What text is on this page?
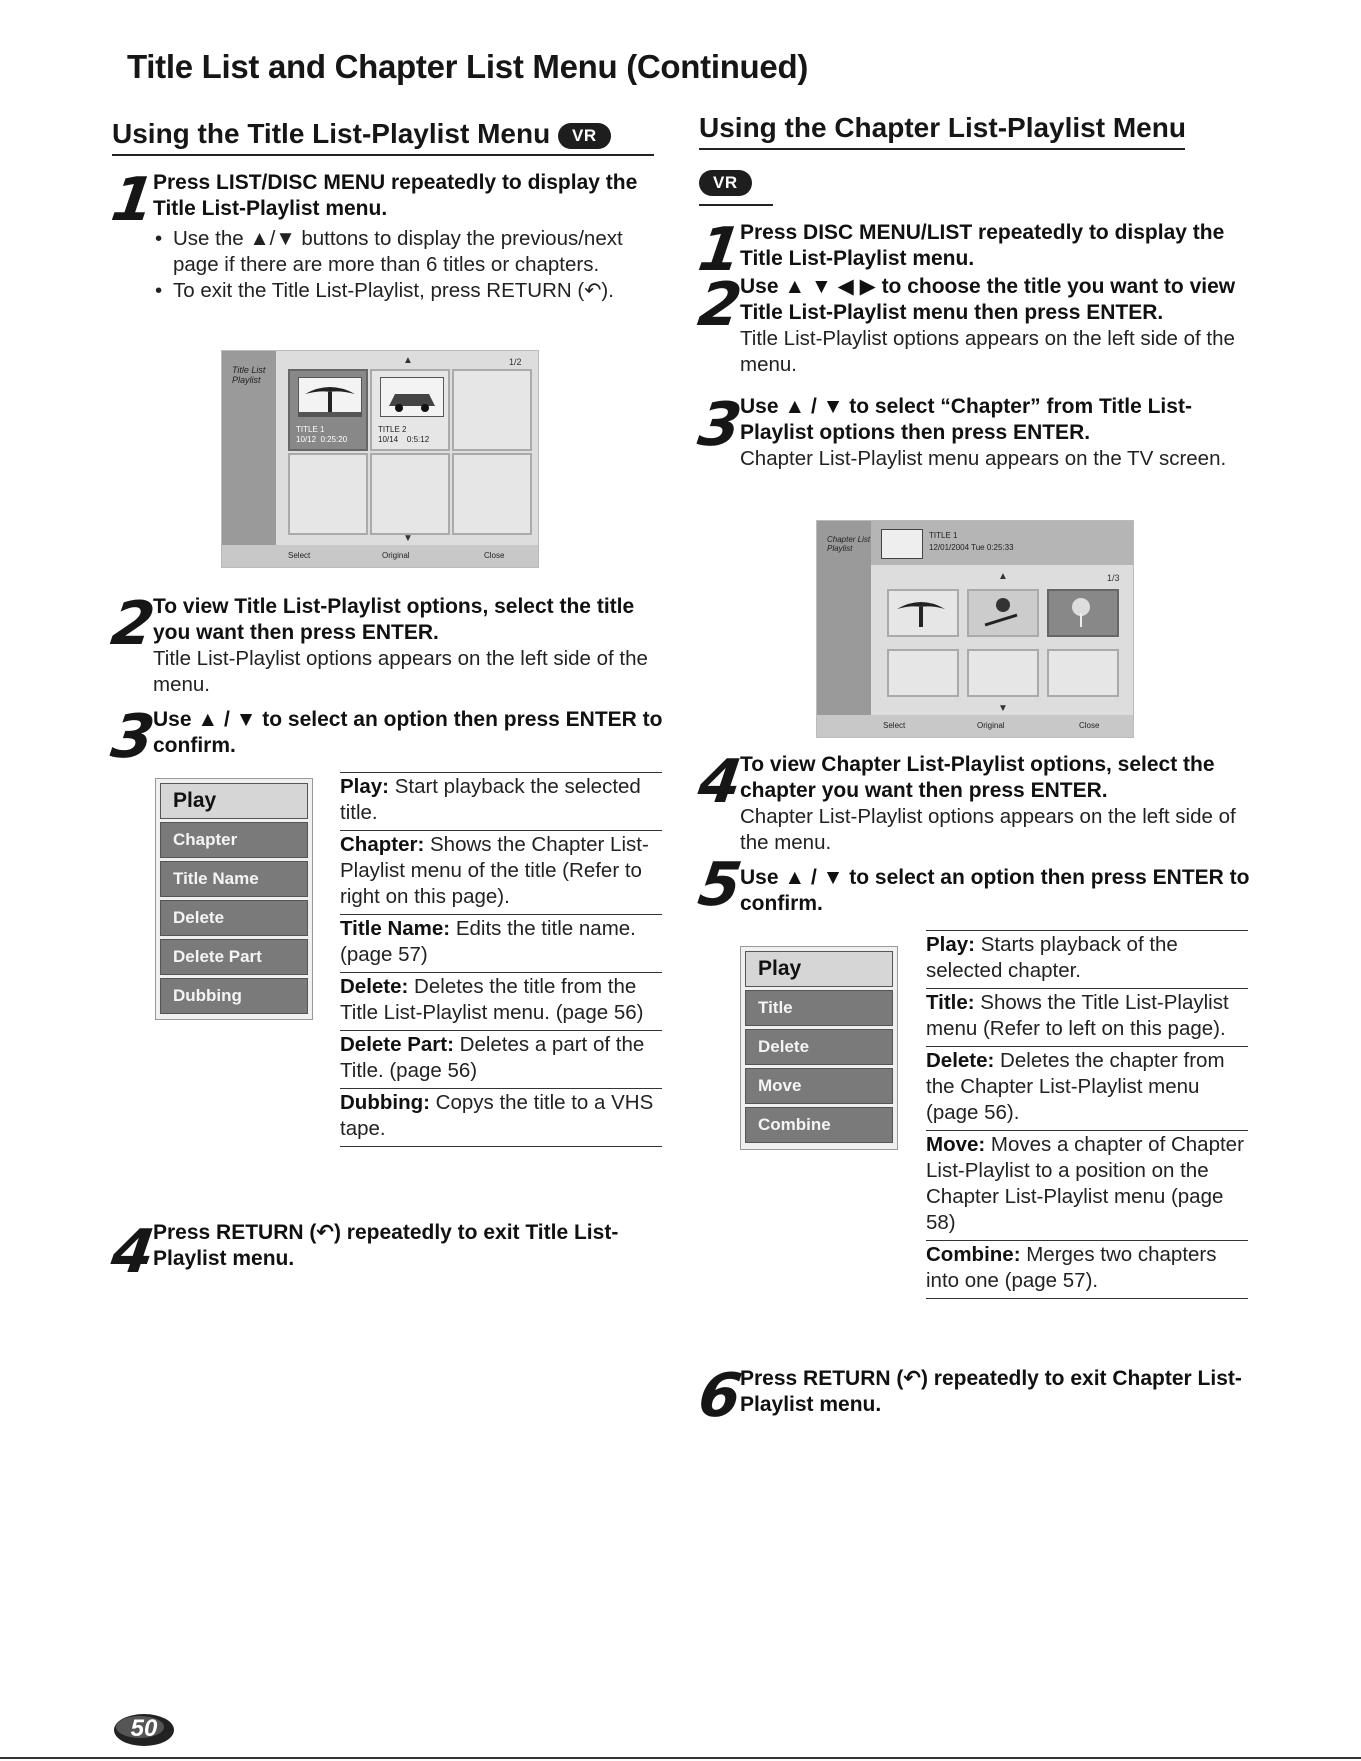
Title List and Chapter List Menu (Continued)
Using the Title List-Playlist Menu VR
1
Press LIST/DISC MENU repeatedly to display the Title List-Playlist menu.
• Use the ▲/▼ buttons to display the previous/next page if there are more than 6 titles or chapters.
• To exit the Title List-Playlist, press RETURN (↶).
Title List Playlist
▲	1/2
TITLE 1
10/12 0:25:20
TITLE 2
10/14 0:5:12
▼
Select	Original	Close
2
To view Title List-Playlist options, select the title you want then press ENTER.
Title List-Playlist options appears on the left side of the menu.
3
Use ▲ / ▼ to select an option then press ENTER to confirm.
Play
Chapter
Title Name
Delete
Delete Part
Dubbing
Play: Start playback the selected title.
Chapter: Shows the Chapter List-Playlist menu of the title (Refer to right on this page).
Title Name: Edits the title name. (page 57)
Delete: Deletes the title from the Title List-Playlist menu. (page 56)
Delete Part: Deletes a part of the Title. (page 56)
Dubbing: Copys the title to a VHS tape.
4
Press RETURN (↶) repeatedly to exit Title List-Playlist menu.
Using the Chapter List-Playlist Menu
VR
1
Press DISC MENU/LIST repeatedly to display the Title List-Playlist menu.
2
Use ▲ ▼ ◀ ▶ to choose the title you want to view Title List-Playlist menu then press ENTER.
Title List-Playlist options appears on the left side of the menu.
3
Use ▲ / ▼ to select “Chapter” from Title List-Playlist options then press ENTER.
Chapter List-Playlist menu appears on the TV screen.
Chapter List Playlist
TITLE 1
12/01/2004 Tue 0:25:33
▲	1/3
▼
Select	Original	Close
4
To view Chapter List-Playlist options, select the chapter you want then press ENTER.
Chapter List-Playlist options appears on the left side of the menu.
5
Use ▲ / ▼ to select an option then press ENTER to confirm.
Play
Title
Delete
Move
Combine
Play: Starts playback of the selected chapter.
Title: Shows the Title List-Playlist menu (Refer to left on this page).
Delete: Deletes the chapter from the Chapter List-Playlist menu (page 56).
Move: Moves a chapter of Chapter List-Playlist to a position on the Chapter List-Playlist menu (page 58)
Combine: Merges two chapters into one (page 57).
6
Press RETURN (↶) repeatedly to exit Chapter List-Playlist menu.
50
